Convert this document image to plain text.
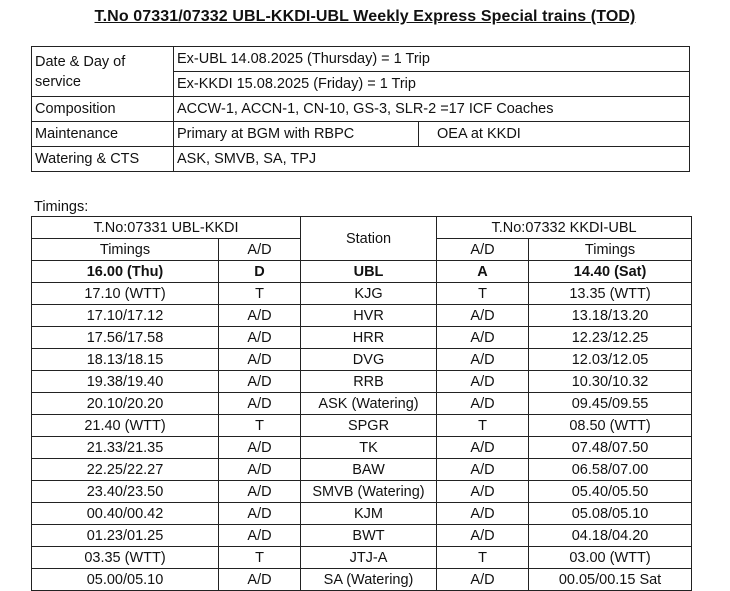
T.No 07331/07332 UBL-KKDI-UBL Weekly Express Special trains (TOD)
Date & Day of service	Ex-UBL 14.08.2025 (Thursday) = 1 Trip	
	Ex-KKDI 15.08.2025 (Friday) = 1 Trip	
Composition	ACCW-1, ACCN-1, CN-10, GS-3, SLR-2 =17 ICF Coaches	
Maintenance	Primary at BGM with RBPC	OEA at KKDI
Watering & CTS	ASK, SMVB, SA, TPJ	
Timings:
T.No:07331 UBL-KKDI		Station	T.No:07332 KKDI-UBL	
Timings	A/D		A/D	Timings
16.00 (Thu)	D	UBL	A	14.40 (Sat)
17.10 (WTT)	T	KJG	T	13.35 (WTT)
17.10/17.12	A/D	HVR	A/D	13.18/13.20
17.56/17.58	A/D	HRR	A/D	12.23/12.25
18.13/18.15	A/D	DVG	A/D	12.03/12.05
19.38/19.40	A/D	RRB	A/D	10.30/10.32
20.10/20.20	A/D	ASK (Watering)	A/D	09.45/09.55
21.40 (WTT)	T	SPGR	T	08.50 (WTT)
21.33/21.35	A/D	TK	A/D	07.48/07.50
22.25/22.27	A/D	BAW	A/D	06.58/07.00
23.40/23.50	A/D	SMVB (Watering)	A/D	05.40/05.50
00.40/00.42	A/D	KJM	A/D	05.08/05.10
01.23/01.25	A/D	BWT	A/D	04.18/04.20
03.35 (WTT)	T	JTJ-A	T	03.00 (WTT)
05.00/05.10	A/D	SA (Watering)	A/D	00.05/00.15 Sat
